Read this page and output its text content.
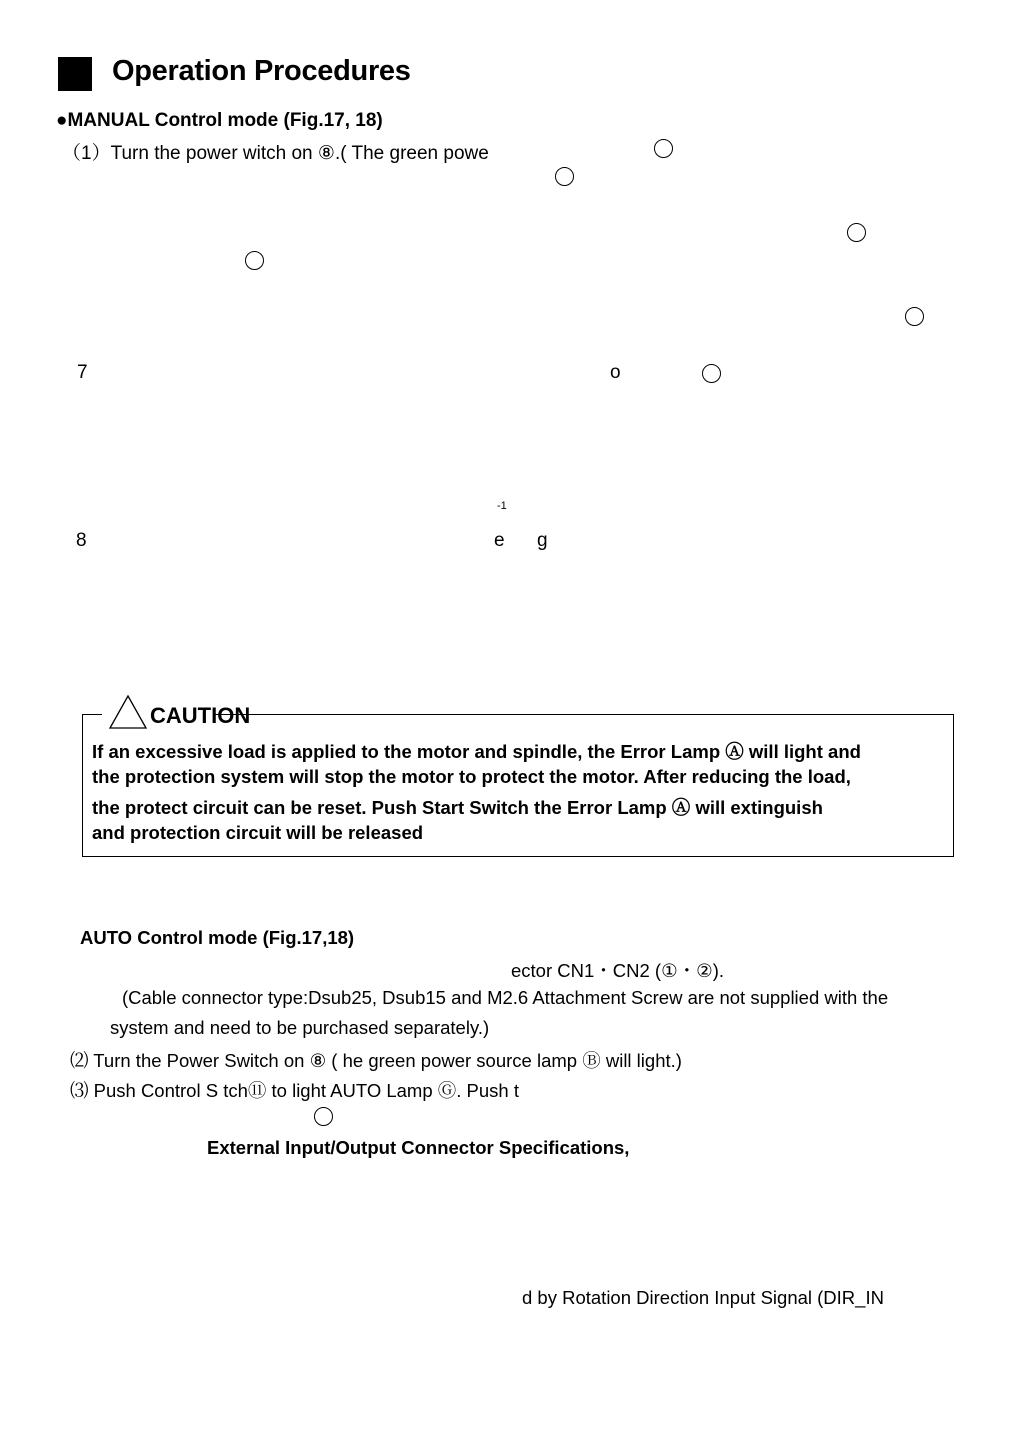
Operation Procedures
●MANUAL Control mode (Fig.17, 18)
（1）Turn the power witch on ⑧.( The green powe
7	o
-1
8	e g
CAUTION
If an excessive load is applied to the motor and spindle, the Error Lamp Ⓐ will light and
the protection system will stop the motor to protect the motor. After reducing the load,
the protect circuit can be reset. Push Start Switch the Error Lamp Ⓐ will extinguish
and protection circuit will be released
AUTO Control mode (Fig.17,18)
ector CN1・CN2 (①・②).
(Cable connector type:Dsub25, Dsub15 and M2.6 Attachment Screw are not supplied with the
system and need to be purchased separately.)
⑵ Turn the Power Switch on ⑧ ( he green power source lamp Ⓑ will light.)
⑶ Push Control S tch⑪ to light AUTO Lamp Ⓖ. Push t
External Input/Output Connector Specifications,
d by Rotation Direction Input Signal (DIR_IN
